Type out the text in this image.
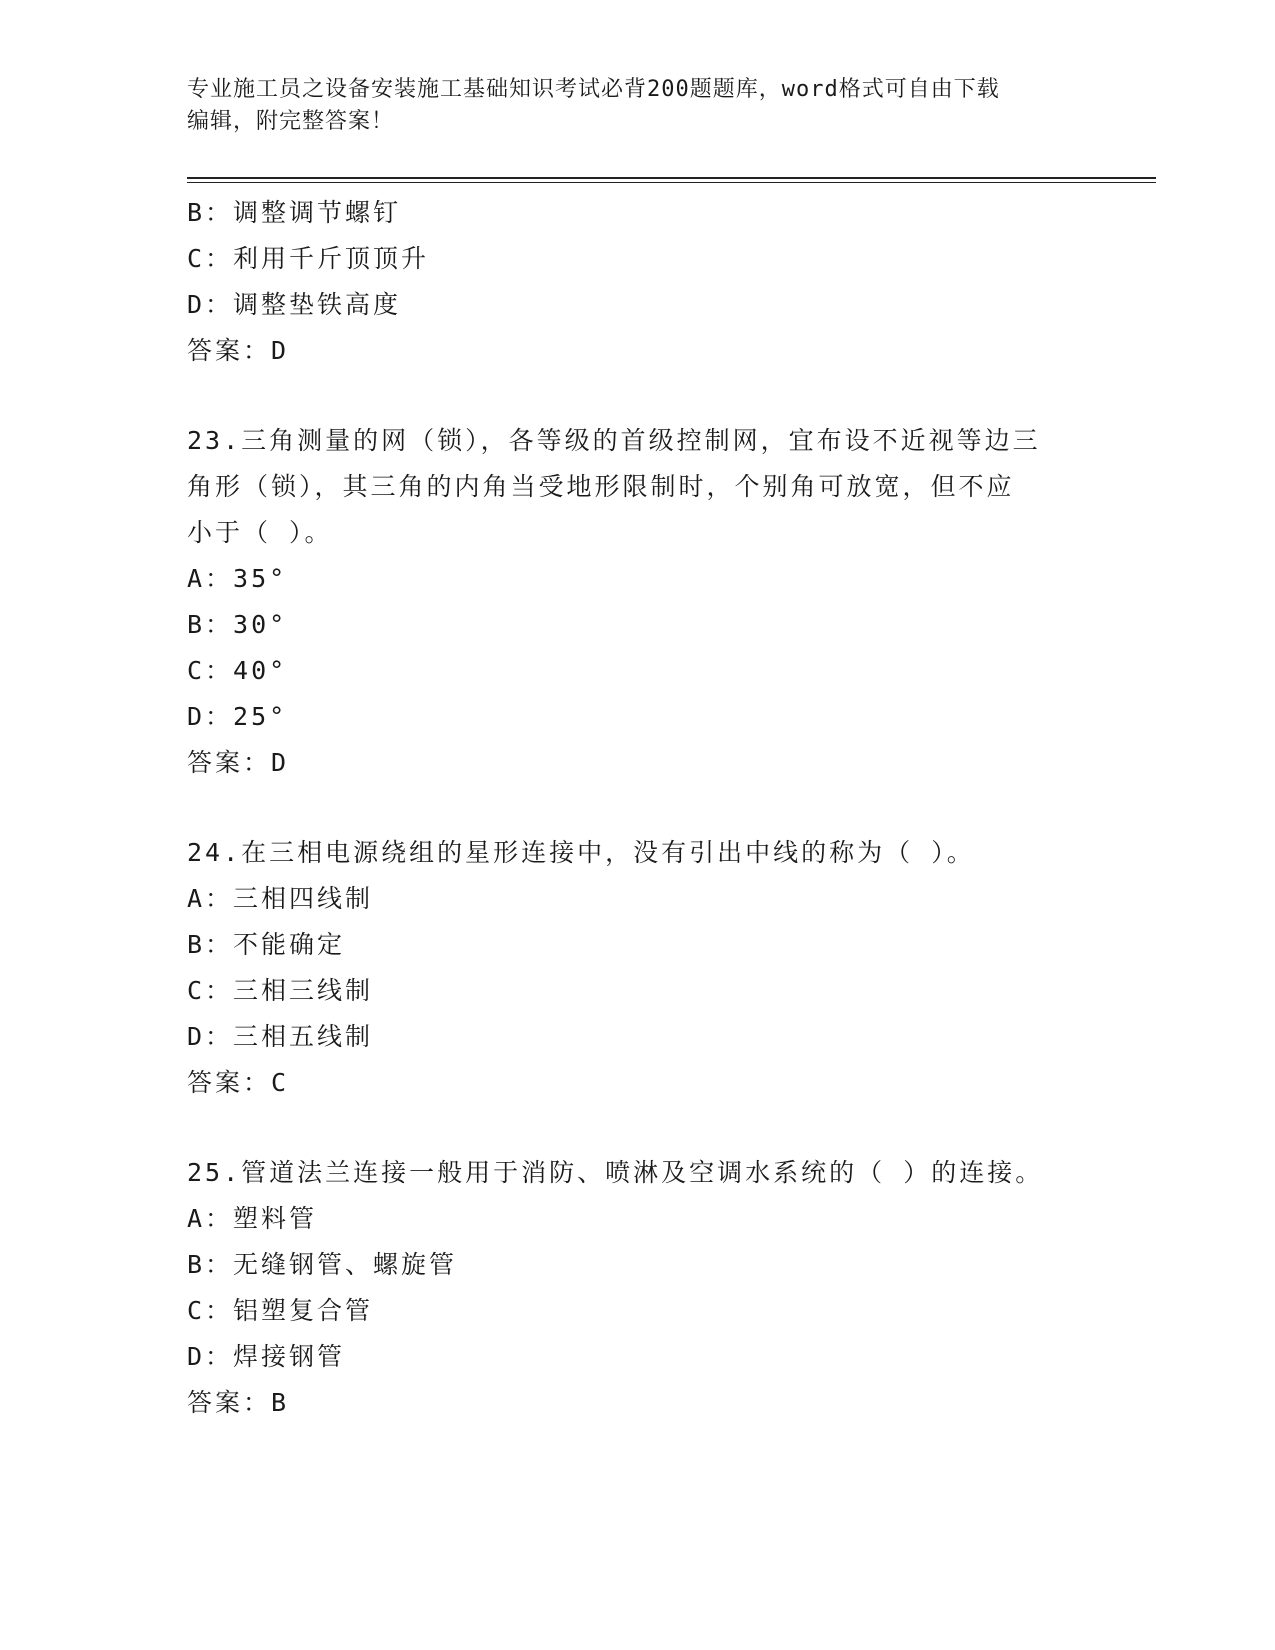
专业施工员之设备安装施工基础知识考试必背200题题库，word格式可自由下载
编辑，附完整答案！
B：调整调节螺钉
C：利用千斤顶顶升
D：调整垫铁高度
答案：D
23.三角测量的网（锁），各等级的首级控制网，宜布设不近视等边三
角形（锁），其三角的内角当受地形限制时，个别角可放宽，但不应
小于（ ）。
A：35°
B：30°
C：40°
D：25°
答案：D
24.在三相电源绕组的星形连接中，没有引出中线的称为（ ）。
A：三相四线制
B：不能确定
C：三相三线制
D：三相五线制
答案：C
25.管道法兰连接一般用于消防、喷淋及空调水系统的（ ）的连接。
A：塑料管
B：无缝钢管、螺旋管
C：铝塑复合管
D：焊接钢管
答案：B
